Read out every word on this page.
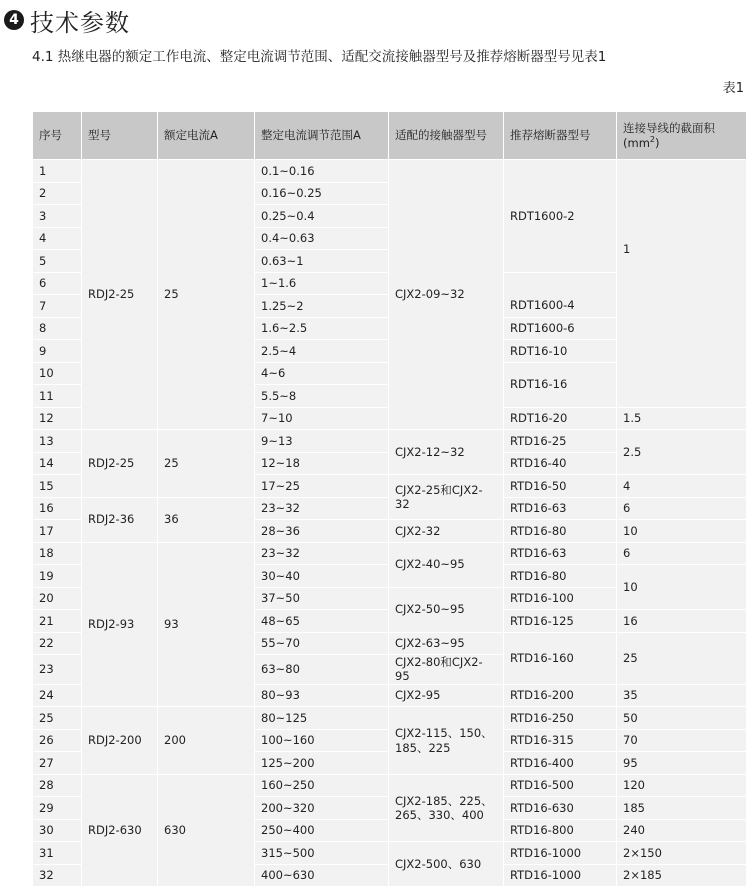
4 技术参数
4.1 热继电器的额定工作电流、整定电流调节范围、适配交流接触器型号及推荐熔断器型号见表1
表1
序号	型号	额定电流A	整定电流调节范围A	适配的接触器型号	推荐熔断器型号	连接导线的截面积
$(mm^2)$
1	RDJ2-25	25	0.1~0.16	CJX2-09~32	RDT1600-2	1
2			0.16~0.25			
3			0.25~0.4			
4			0.4~0.63			
5			0.63~1			
6			1~1.6		RDT1600-4	
7			1.25~2			
8			1.6~2.5		RDT1600-6	
9			2.5~4		RDT16-10	
10			4~6		RDT16-16	
11			5.5~8			
12			7~10		RDT16-20	1.5
13	RDJ2-25	25	9~13	CJX2-12~32	RTD16-25	2.5
14			12~18		RTD16-40	
15			17~25	CJX2-25和CJX2-32	RTD16-50	4
16	RDJ2-36	36	23~32		RTD16-63	6
17			28~36	CJX2-32	RTD16-80	10
18	RDJ2-93	93	23~32	CJX2-40~95	RTD16-63	6
19			30~40		RTD16-80	10
20			37~50	CJX2-50~95	RTD16-100	
21			48~65		RTD16-125	16
22			55~70	CJX2-63~95	RTD16-160	25
23			63~80	CJX2-80和CJX2-95		
24			80~93	CJX2-95	RTD16-200	35
25	RDJ2-200	200	80~125	CJX2-115、150、185、225	RTD16-250	50
26			100~160		RTD16-315	70
27			125~200		RTD16-400	95
28	RDJ2-630	630	160~250	CJX2-185、225、265、330、400	RTD16-500	120
29			200~320		RTD16-630	185
30			250~400		RTD16-800	240
31			315~500	CJX2-500、630	RTD16-1000	2×150
32			400~630		RTD16-1000	2×185
